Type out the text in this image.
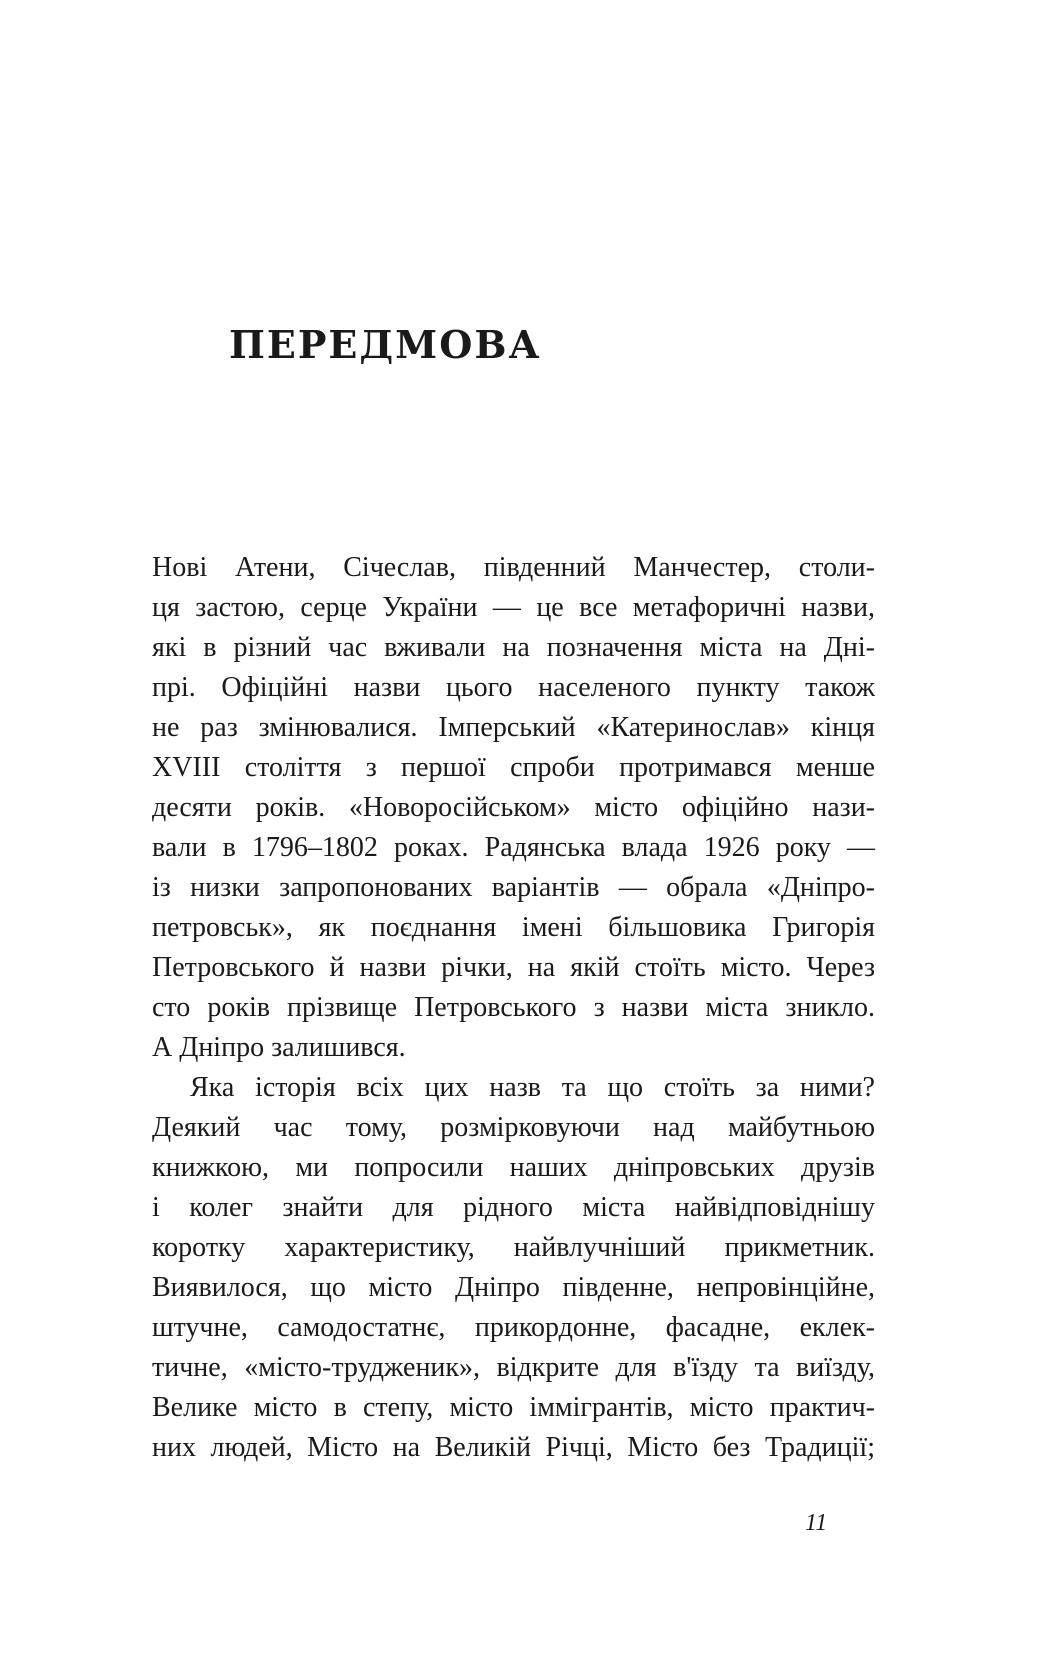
ПЕРЕДМОВА

Нові Атени, Січеслав, південний Манчестер, столи-
ця застою, серце України — це все метафоричні назви,
які в різний час вживали на позначення міста на Дні-
прі. Офіційні назви цього населеного пункту також
не раз змінювалися. Імперський «Катеринослав» кінця
XVIII століття з першої спроби протримався менше
десяти років. «Новоросійськом» місто офіційно нази-
вали в 1796–1802 роках. Радянська влада 1926 року —
із низки запропонованих варіантів — обрала «Дніпро-
петровськ», як поєднання імені більшовика Григорія
Петровського й назви річки, на якій стоїть місто. Через
сто років прізвище Петровського з назви міста зникло.
А Дніпро залишився.

Яка історія всіх цих назв та що стоїть за ними?
Деякий час тому, розмірковуючи над майбутньою
книжкою, ми попросили наших дніпровських друзів
і колег знайти для рідного міста найвідповіднішу
коротку характеристику, найвлучніший прикметник.
Виявилося, що місто Дніпро південне, непровінційне,
штучне, самодостатнє, прикордонне, фасадне, еклек-
тичне, «місто-трудженик», відкрите для в'їзду та виїзду,
Велике місто в степу, місто іммігрантів, місто практич-
них людей, Місто на Великій Річці, Місто без Традиції;

11
